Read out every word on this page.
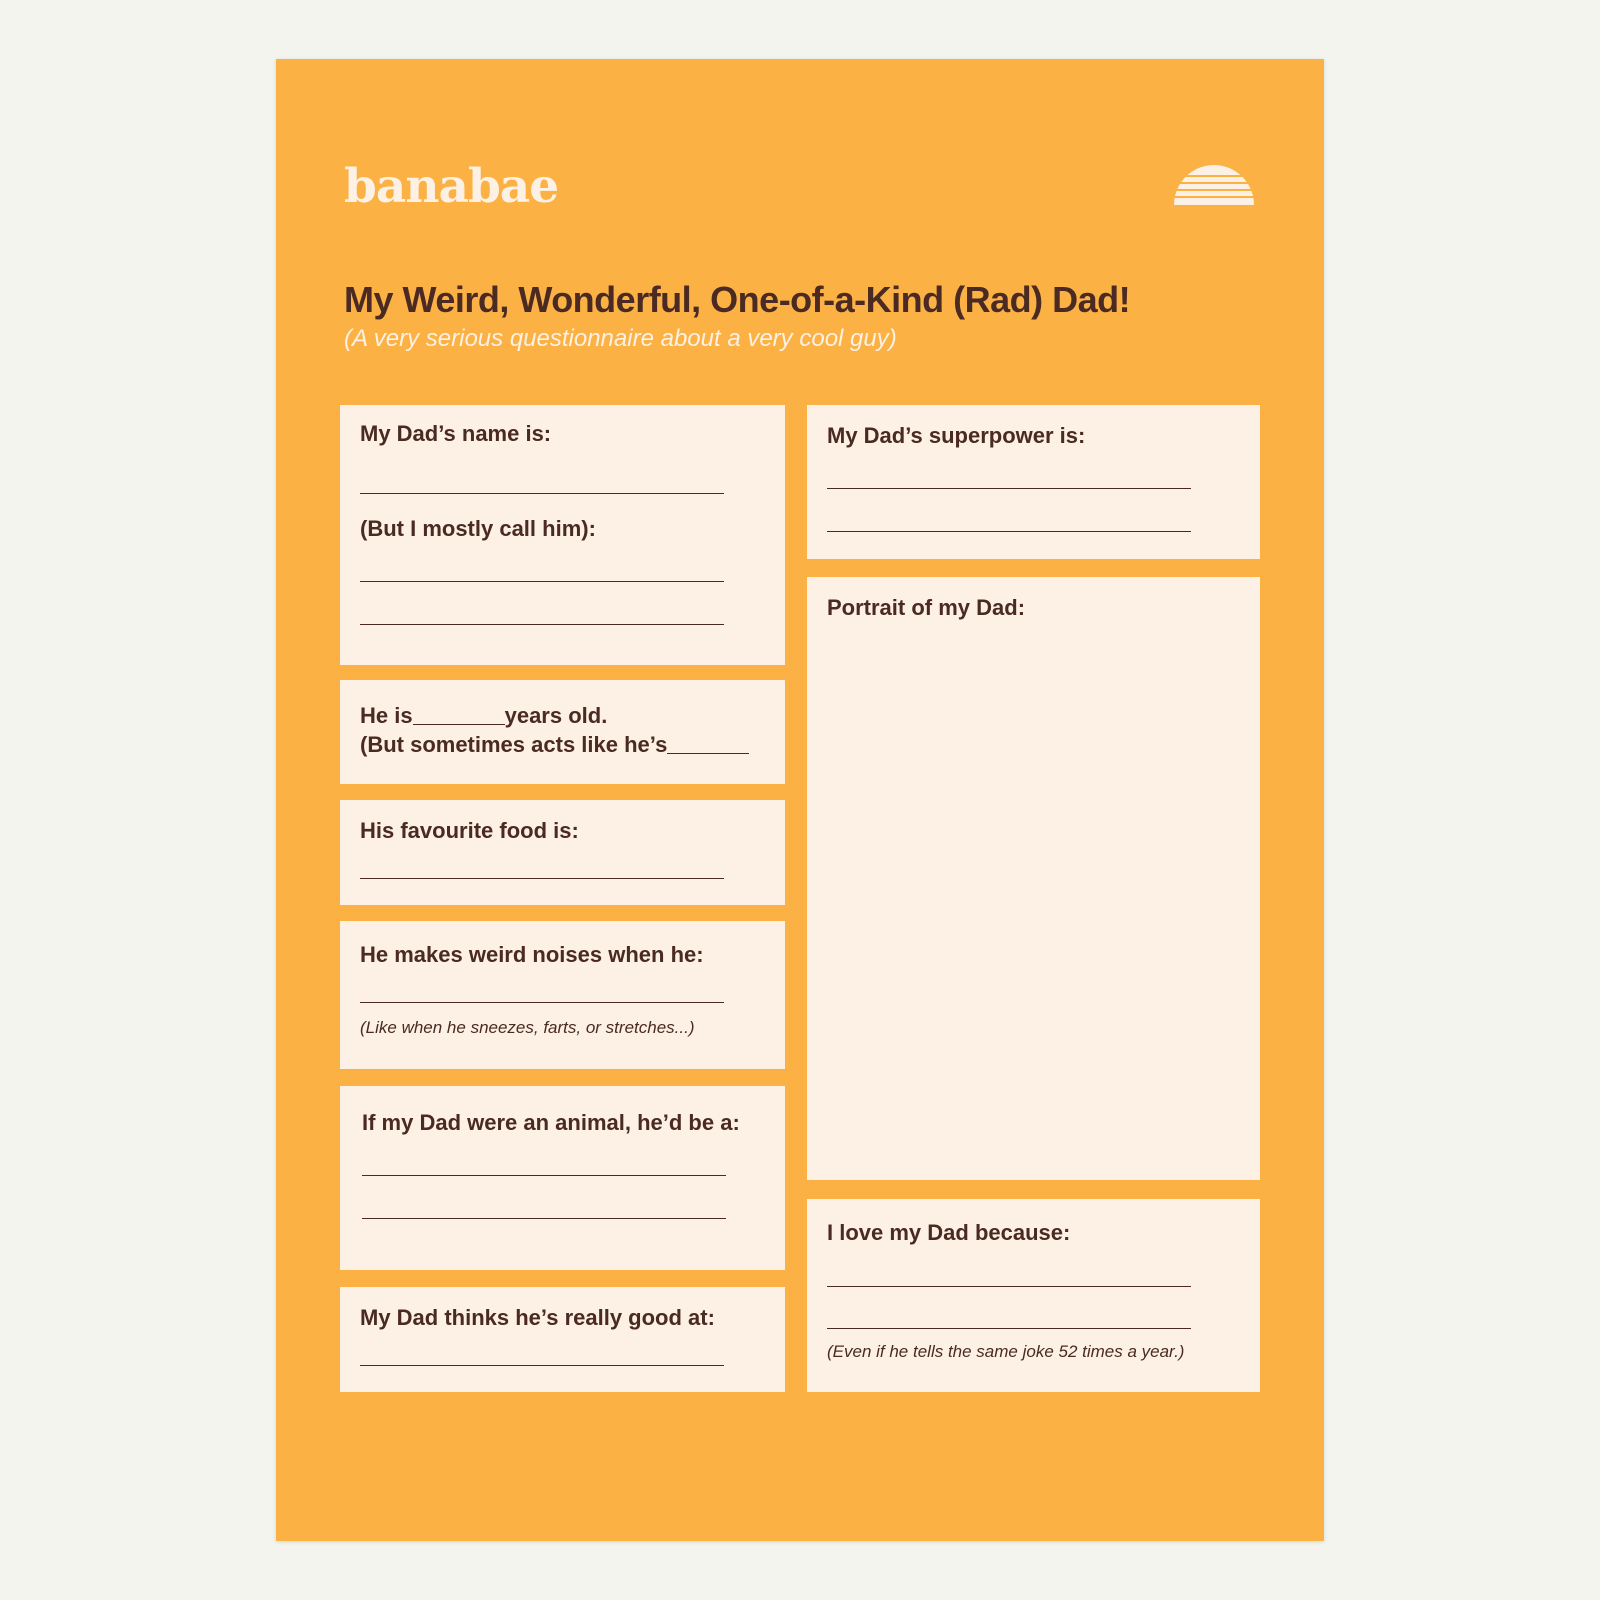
banabae
My Weird, Wonderful, One-of-a-Kind (Rad) Dad!

(A very serious questionnaire about a very cool guy)

My Dad’s name is:

(But I mostly call him):

He is	years old.

(But sometimes acts like he’s

His favourite food is:

He makes weird noises when he:

(Like when he sneezes, farts, or stretches...)

If my Dad were an animal, he’d be a:

My Dad thinks he’s really good at:

My Dad’s superpower is:

Portrait of my Dad:

I love my Dad because:

(Even if he tells the same joke 52 times a year.)
